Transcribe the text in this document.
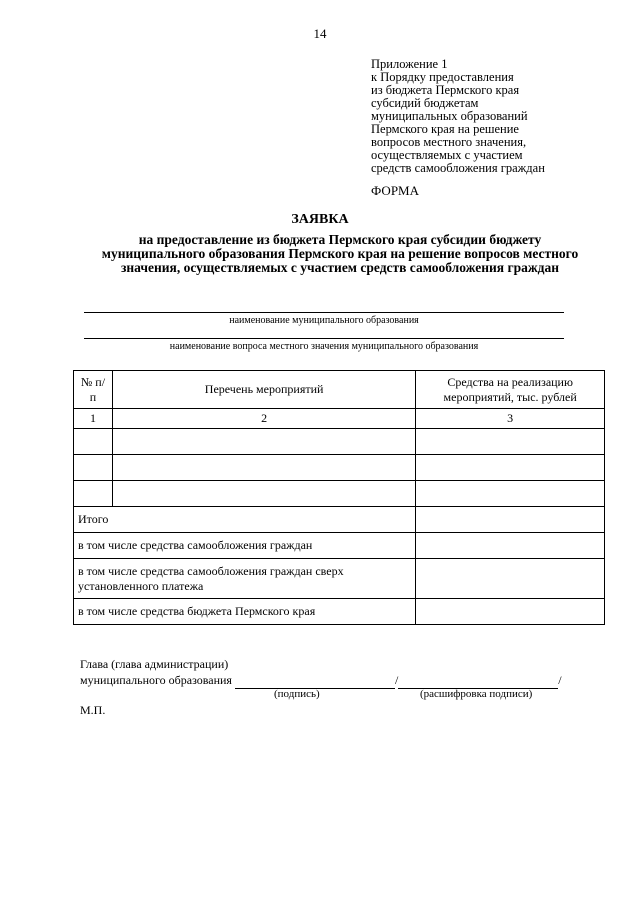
14
Приложение 1
к Порядку предоставления
из бюджета Пермского края
субсидий бюджетам
муниципальных образований
Пермского края на решение
вопросов местного значения,
осуществляемых с участием
средств самообложения граждан
ФОРМА
ЗАЯВКА
на предоставление из бюджета Пермского края субсидии бюджету муниципального образования Пермского края на решение вопросов местного значения, осуществляемых с участием средств самообложения граждан
наименование муниципального образования
наименование вопроса местного значения муниципального образования
№ п/п	Перечень мероприятий	Средства на реализацию мероприятий, тыс. рублей
1	2	3

Итого		
в том числе средства самообложения граждан		
в том числе средства самообложения граждан сверх установленного платежа		
в том числе средства бюджета Пермского края		
Глава (глава администрации)
муниципального образования	/	/
(подпись)	(расшифровка подписи)
М.П.
